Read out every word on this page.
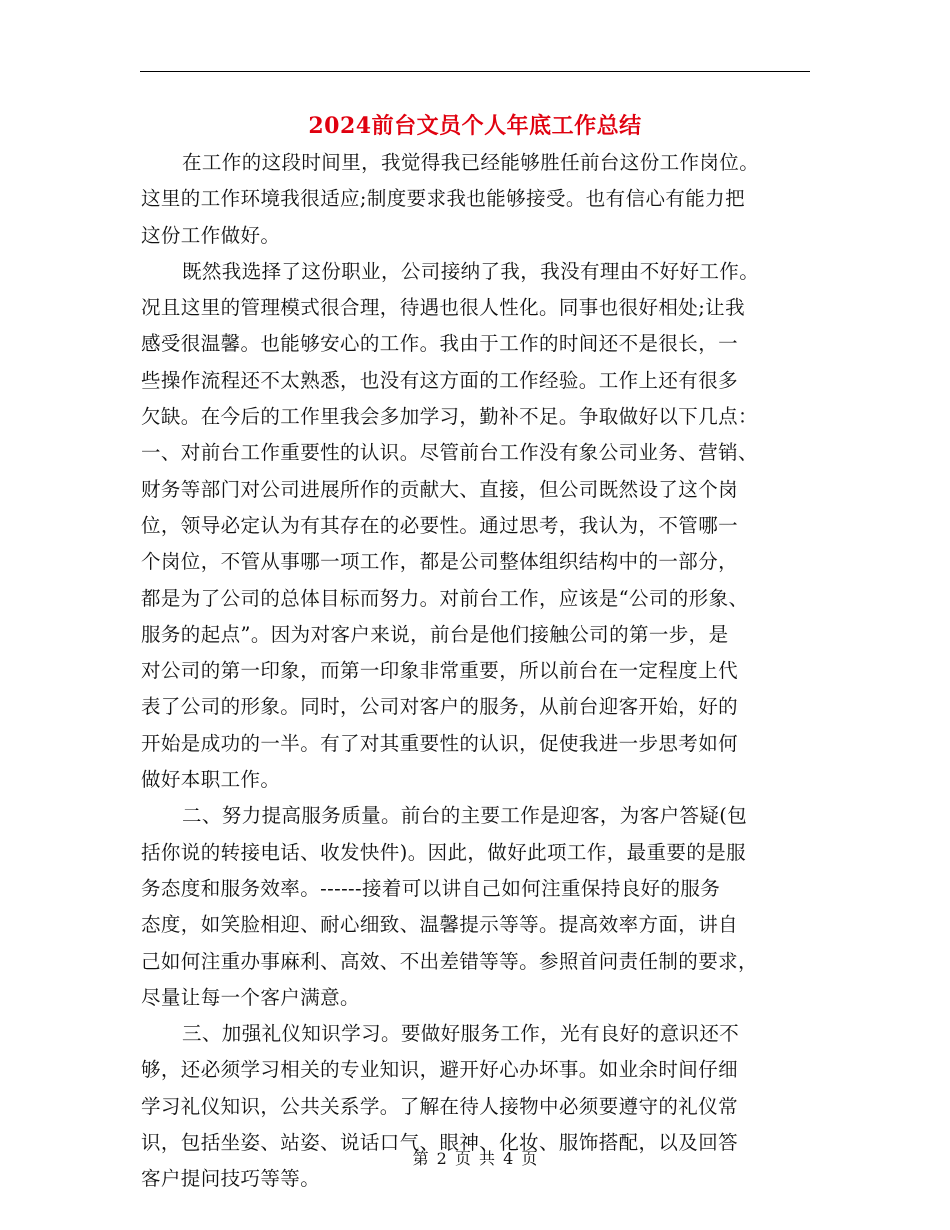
2024前台文员个人年底工作总结
在工作的这段时间里，我觉得我已经能够胜任前台这份工作岗位。
这里的工作环境我很适应;制度要求我也能够接受。也有信心有能力把
这份工作做好。
既然我选择了这份职业，公司接纳了我，我没有理由不好好工作。
况且这里的管理模式很合理，待遇也很人性化。同事也很好相处;让我
感受很温馨。也能够安心的工作。我由于工作的时间还不是很长，一
些操作流程还不太熟悉，也没有这方面的工作经验。工作上还有很多
欠缺。在今后的工作里我会多加学习，勤补不足。争取做好以下几点：
一、对前台工作重要性的认识。尽管前台工作没有象公司业务、营销、
财务等部门对公司进展所作的贡献大、直接，但公司既然设了这个岗
位，领导必定认为有其存在的必要性。通过思考，我认为，不管哪一
个岗位，不管从事哪一项工作，都是公司整体组织结构中的一部分，
都是为了公司的总体目标而努力。对前台工作，应该是“公司的形象、
服务的起点”。因为对客户来说，前台是他们接触公司的第一步，是
对公司的第一印象，而第一印象非常重要，所以前台在一定程度上代
表了公司的形象。同时，公司对客户的服务，从前台迎客开始，好的
开始是成功的一半。有了对其重要性的认识，促使我进一步思考如何
做好本职工作。
二、努力提高服务质量。前台的主要工作是迎客，为客户答疑(包
括你说的转接电话、收发快件)。因此，做好此项工作，最重要的是服
务态度和服务效率。------接着可以讲自己如何注重保持良好的服务
态度，如笑脸相迎、耐心细致、温馨提示等等。提高效率方面，讲自
己如何注重办事麻利、高效、不出差错等等。参照首问责任制的要求，
尽量让每一个客户满意。
三、加强礼仪知识学习。要做好服务工作，光有良好的意识还不
够，还必须学习相关的专业知识，避开好心办坏事。如业余时间仔细
学习礼仪知识，公共关系学。了解在待人接物中必须要遵守的礼仪常
识，包括坐姿、站姿、说话口气、眼神、化妆、服饰搭配，以及回答
客户提问技巧等等。
第 2 页 共 4 页
